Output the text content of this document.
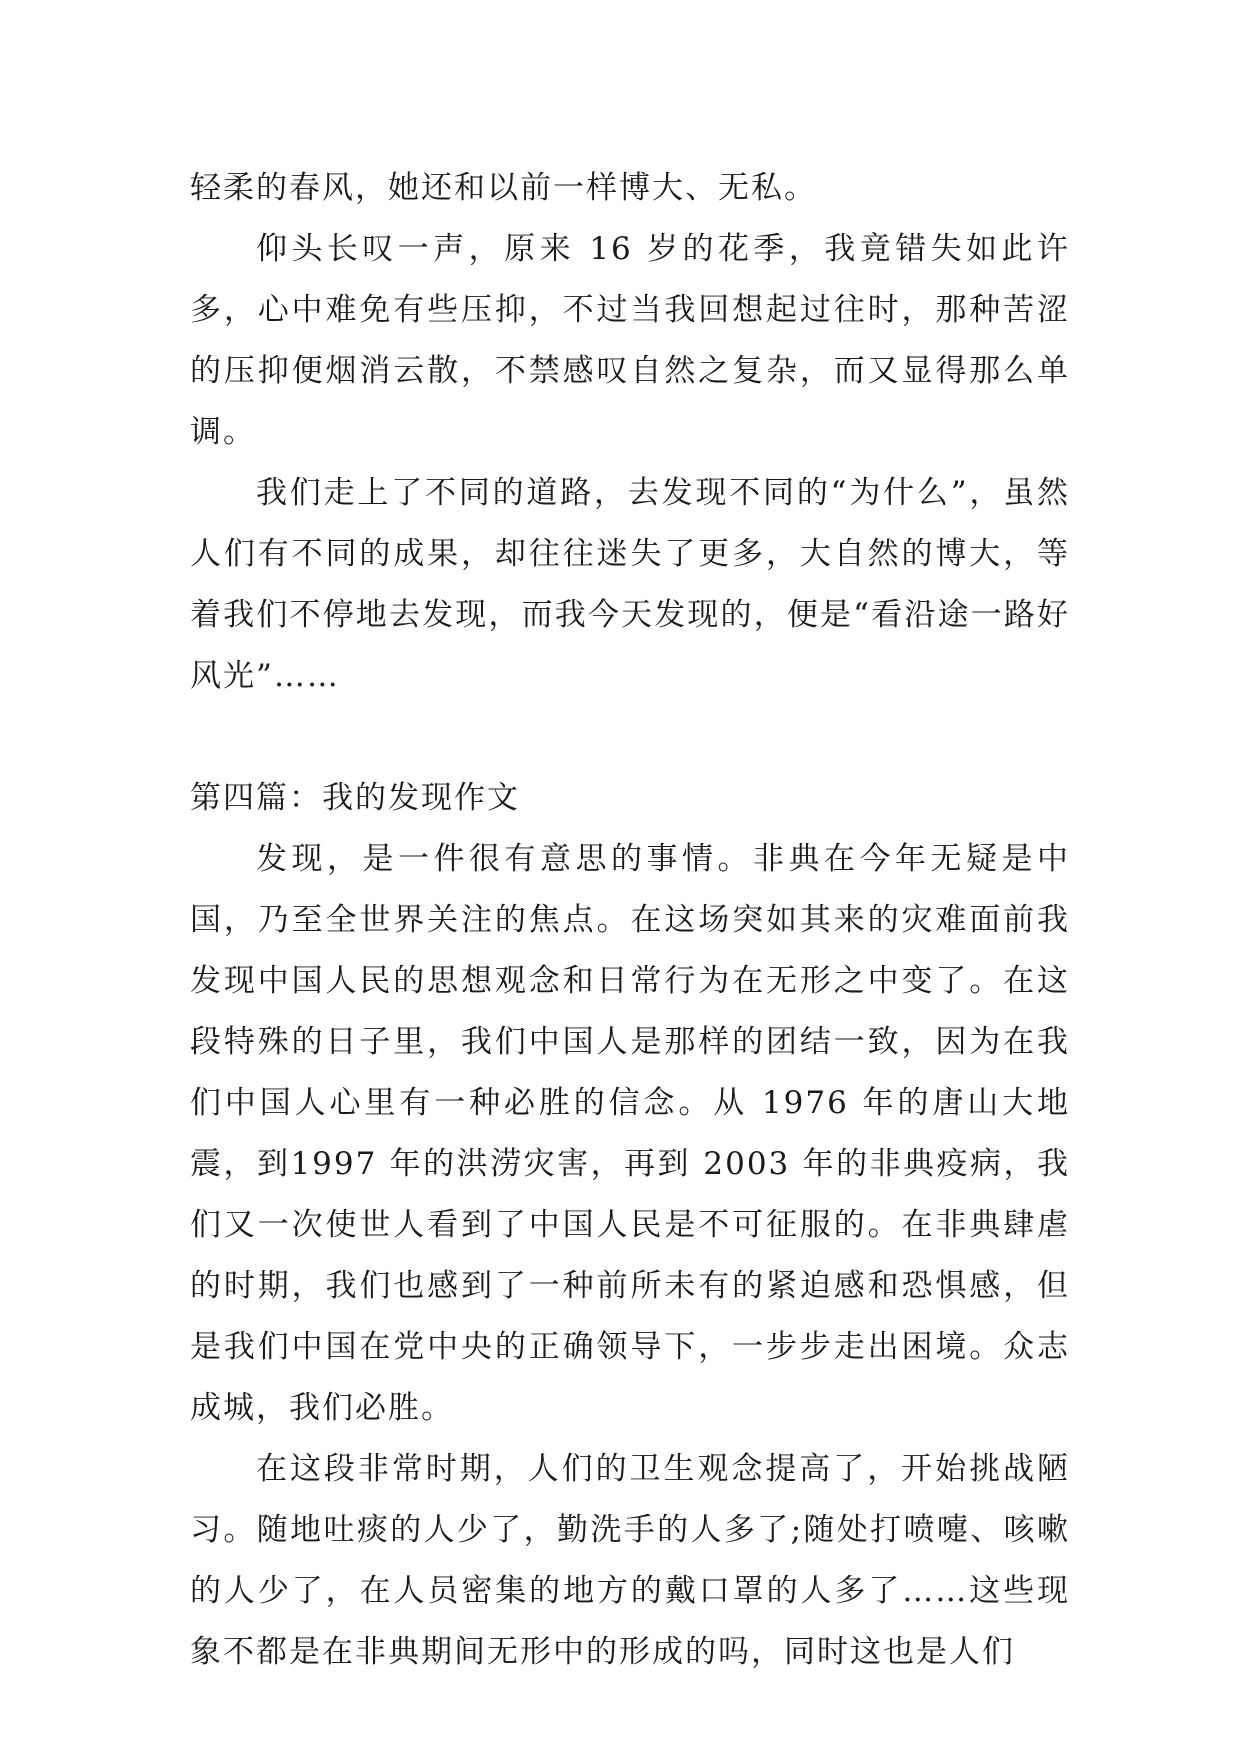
轻柔的春风，她还和以前一样博大、无私。

仰头长叹一声，原来 16 岁的花季，我竟错失如此许多，心中难免有些压抑，不过当我回想起过往时，那种苦涩的压抑便烟消云散，不禁感叹自然之复杂，而又显得那么单调。

我们走上了不同的道路，去发现不同的“为什么”，虽然人们有不同的成果，却往往迷失了更多，大自然的博大，等着我们不停地去发现，而我今天发现的，便是“看沿途一路好风光”……

第四篇：我的发现作文

发现，是一件很有意思的事情。非典在今年无疑是中国，乃至全世界关注的焦点。在这场突如其来的灾难面前我发现中国人民的思想观念和日常行为在无形之中变了。在这段特殊的日子里，我们中国人是那样的团结一致，因为在我们中国人心里有一种必胜的信念。从 1976 年的唐山大地震，到1997 年的洪涝灾害，再到 2003 年的非典疫病，我们又一次使世人看到了中国人民是不可征服的。在非典肆虐的时期，我们也感到了一种前所未有的紧迫感和恐惧感，但是我们中国在党中央的正确领导下，一步步走出困境。众志成城，我们必胜。

在这段非常时期，人们的卫生观念提高了，开始挑战陋习。随地吐痰的人少了，勤洗手的人多了;随处打喷嚏、咳嗽的人少了，在人员密集的地方的戴口罩的人多了……这些现象不都是在非典期间无形中的形成的吗，同时这也是人们
